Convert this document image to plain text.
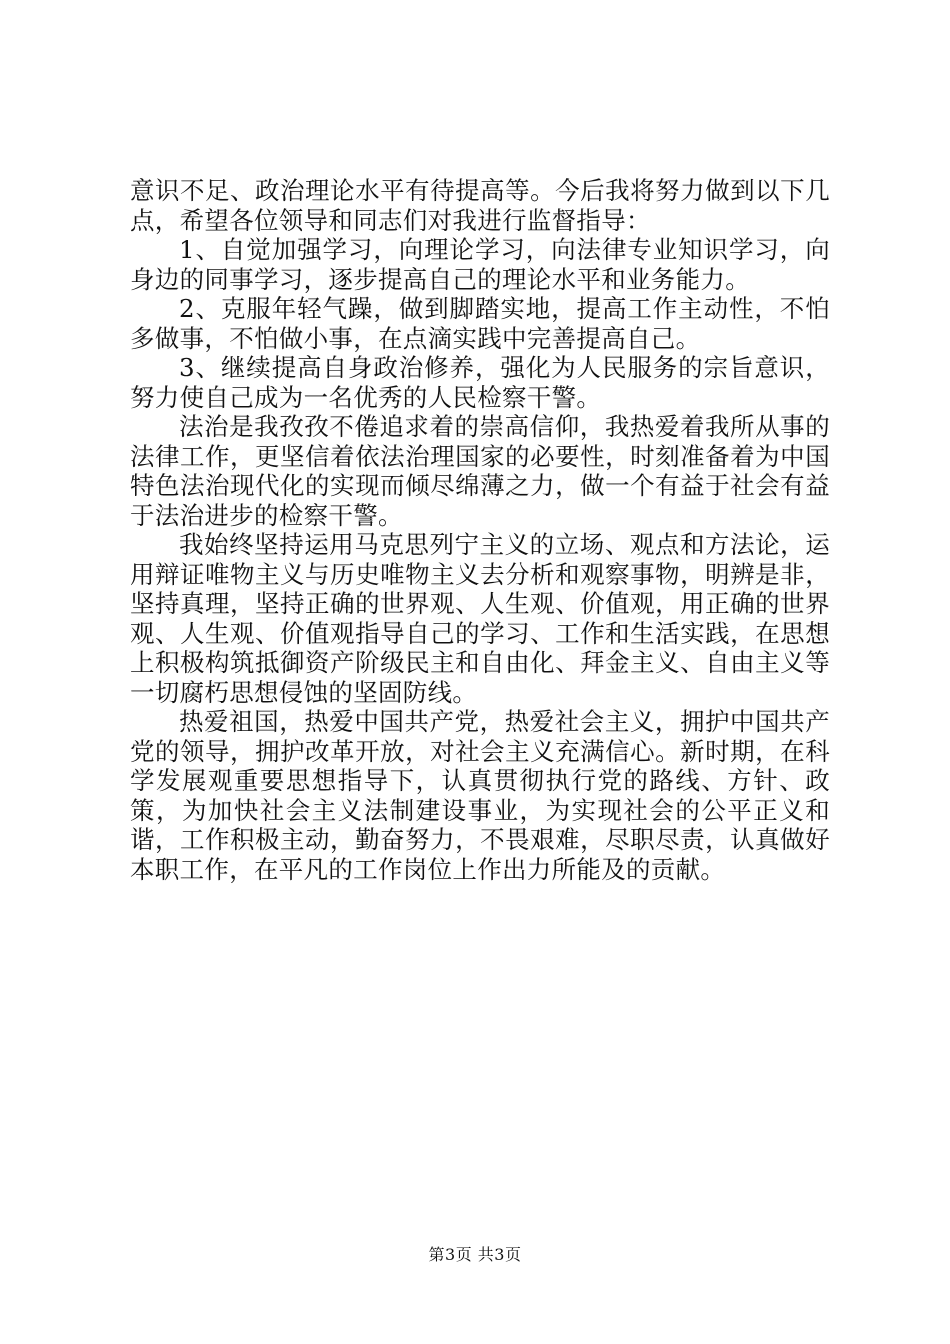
意识不足、政治理论水平有待提高等。今后我将努力做到以下几点，希望各位领导和同志们对我进行监督指导：

1、自觉加强学习，向理论学习，向法律专业知识学习，向身边的同事学习，逐步提高自己的理论水平和业务能力。

2、克服年轻气躁，做到脚踏实地，提高工作主动性，不怕多做事，不怕做小事，在点滴实践中完善提高自己。

3、继续提高自身政治修养，强化为人民服务的宗旨意识，努力使自己成为一名优秀的人民检察干警。

法治是我孜孜不倦追求着的崇高信仰，我热爱着我所从事的法律工作，更坚信着依法治理国家的必要性，时刻准备着为中国特色法治现代化的实现而倾尽绵薄之力，做一个有益于社会有益于法治进步的检察干警。

我始终坚持运用马克思列宁主义的立场、观点和方法论，运用辩证唯物主义与历史唯物主义去分析和观察事物，明辨是非，坚持真理，坚持正确的世界观、人生观、价值观，用正确的世界观、人生观、价值观指导自己的学习、工作和生活实践，在思想上积极构筑抵御资产阶级民主和自由化、拜金主义、自由主义等一切腐朽思想侵蚀的坚固防线。

热爱祖国，热爱中国共产党，热爱社会主义，拥护中国共产党的领导，拥护改革开放，对社会主义充满信心。新时期，在科学发展观重要思想指导下，认真贯彻执行党的路线、方针、政策，为加快社会主义法制建设事业，为实现社会的公平正义和谐，工作积极主动，勤奋努力，不畏艰难，尽职尽责，认真做好本职工作，在平凡的工作岗位上作出力所能及的贡献。

第3页 共3页
